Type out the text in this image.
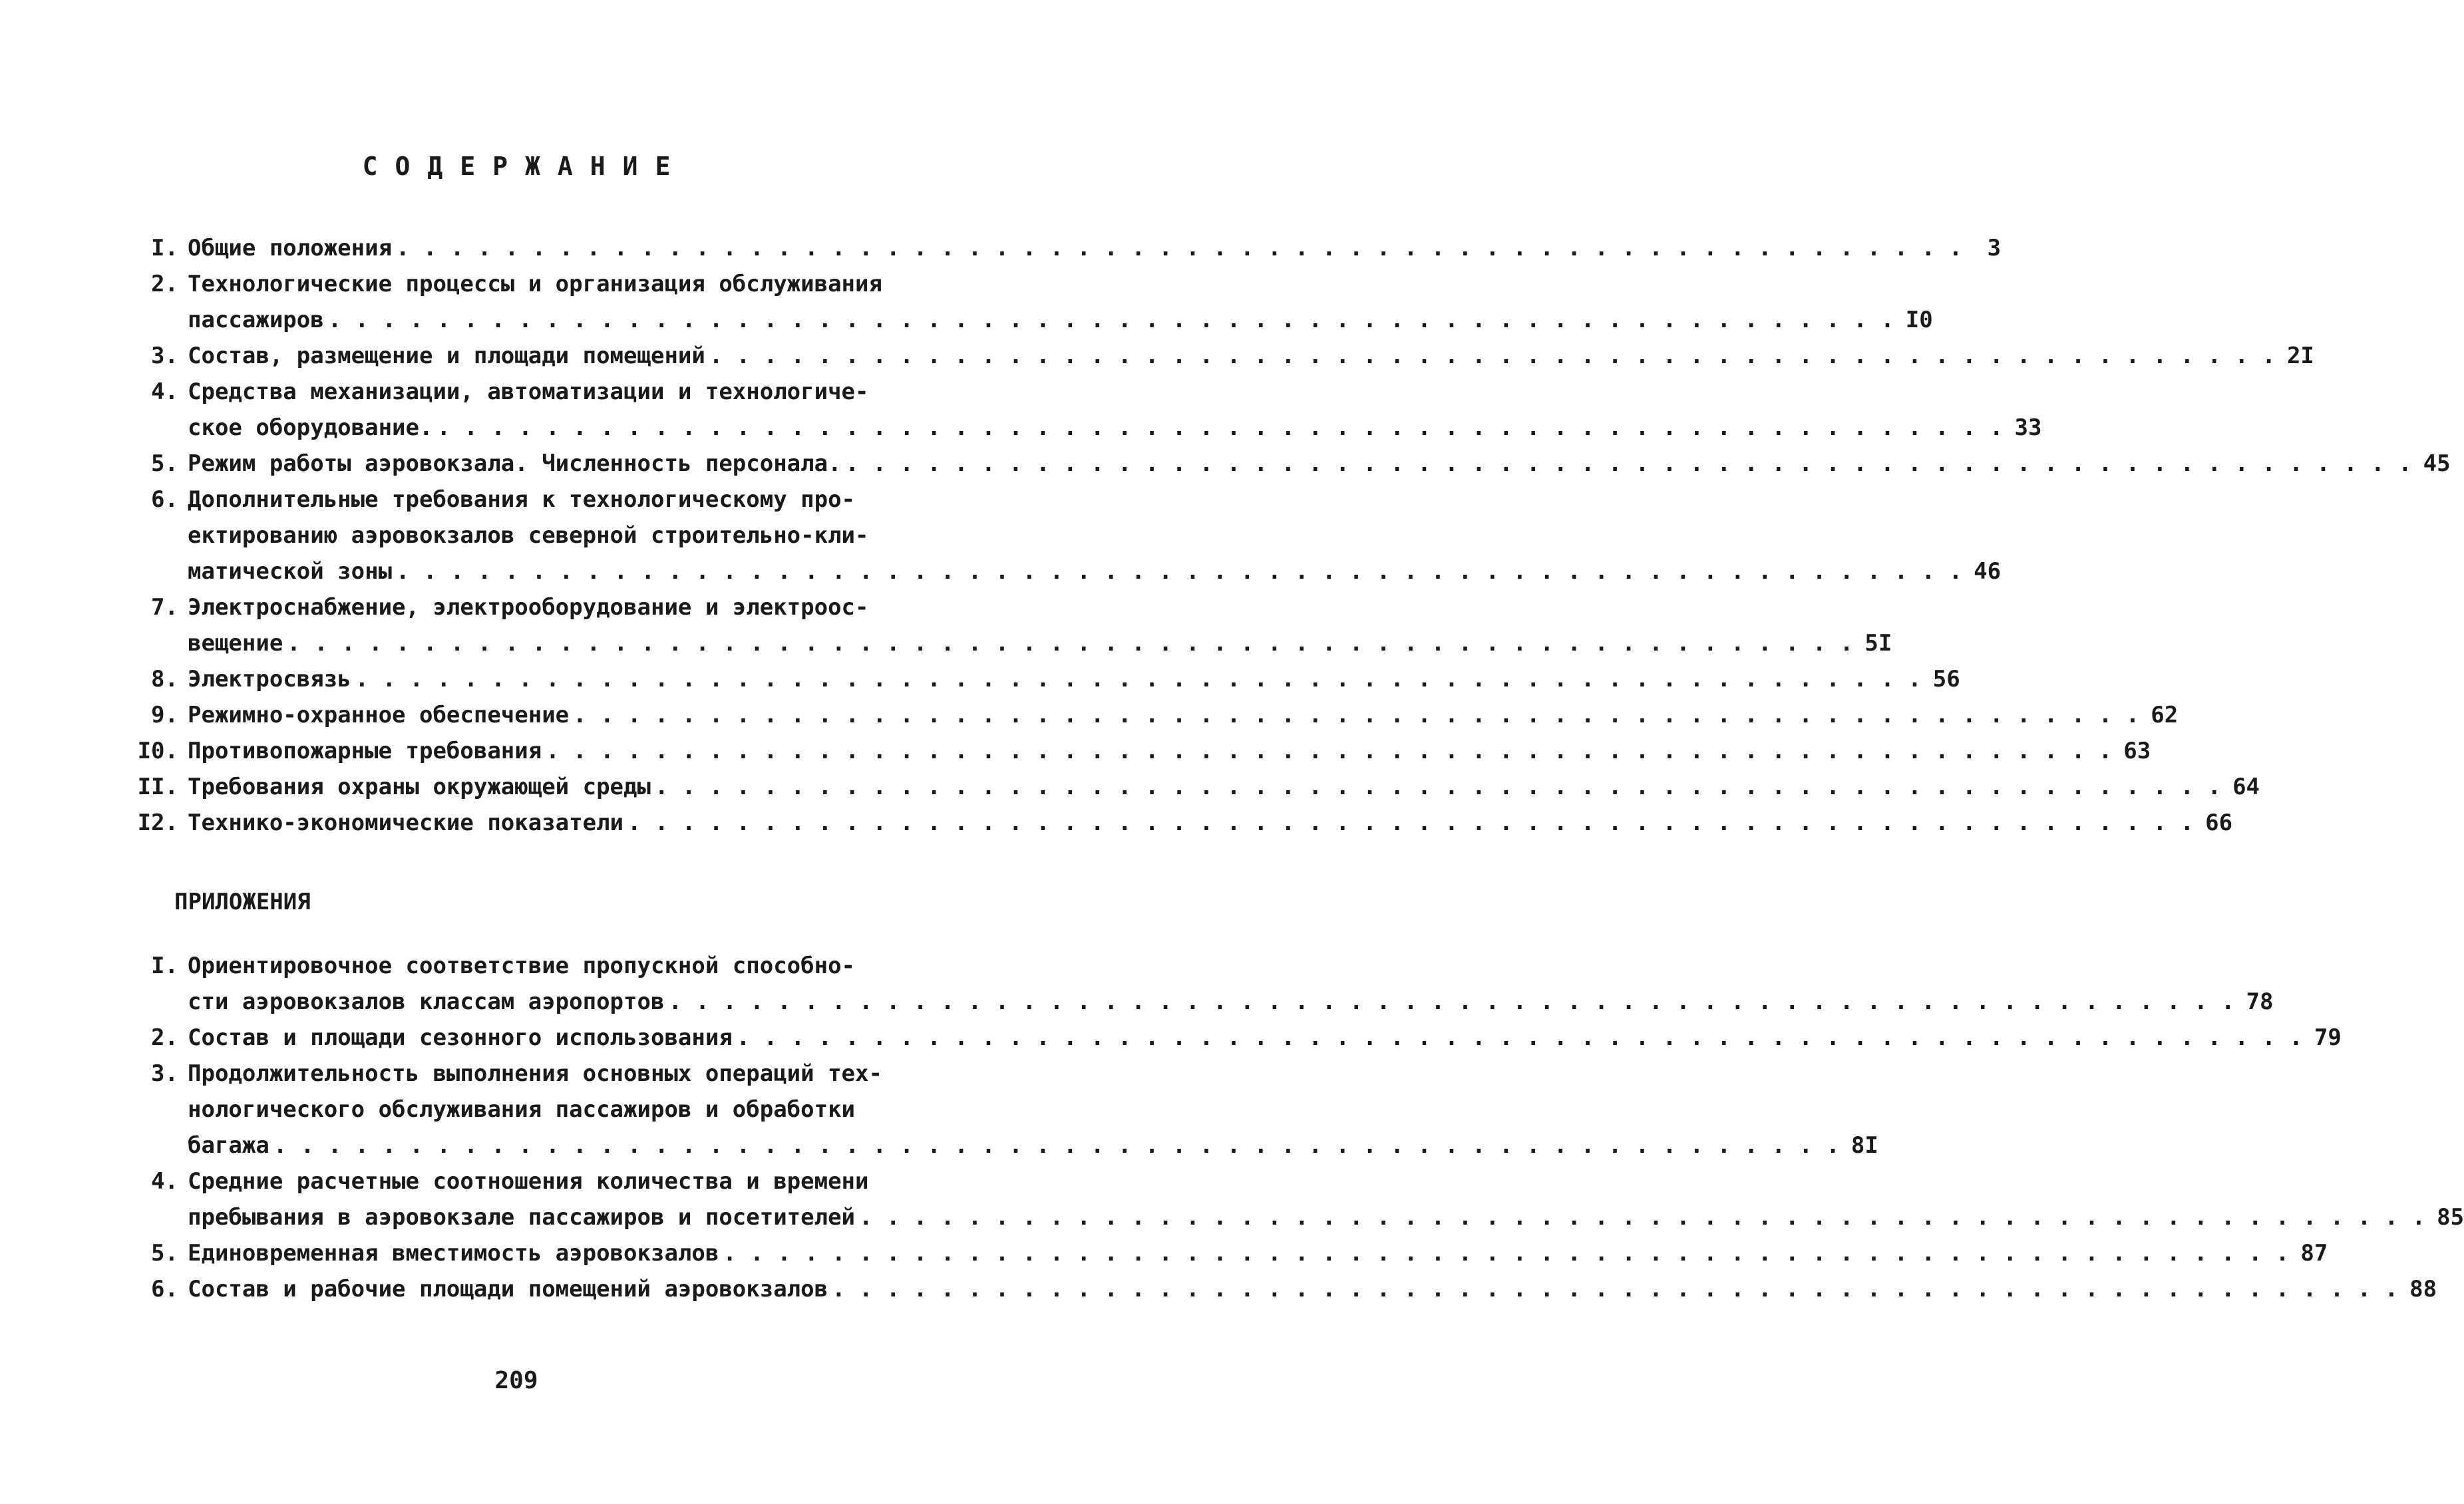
СОДЕРЖАНИЕ
I. Общие положения . . .	3
2. Технологические процессы и организация обслуживания
пассажиров . . .	I0
3. Состав, размещение и площади помещений . . .	2I
4. Средства механизации, автоматизации и технологиче-
ское оборудование. . . .	33
5. Режим работы аэровокзала. Численность персонала. . . .	45
6. Дополнительные требования к технологическому про-
ектированию аэровокзалов северной строительно-кли-
матической зоны . . .	46
7. Электроснабжение, электрооборудование и электроос-
вещение . . .	5I
8. Электросвязь . . .	56
9. Режимно-охранное обеспечение . . .	62
I0. Противопожарные требования . . .	63
II. Требования охраны окружающей среды . . .	64
I2. Технико-экономические показатели . . .	66
ПРИЛОЖЕНИЯ
I. Ориентировочное соответствие пропускной способно-
сти аэровокзалов классам аэропортов . . .	78
2. Состав и площади сезонного использования . . .	79
3. Продолжительность выполнения основных операций тех-
нологического обслуживания пассажиров и обработки
багажа . . .	8I
4. Средние расчетные соотношения количества и времени
пребывания в аэровокзале пассажиров и посетителей . . .	85
5. Единовременная вместимость аэровокзалов . . .	87
6. Состав и рабочие площади помещений аэровокзалов . . .	88
209
